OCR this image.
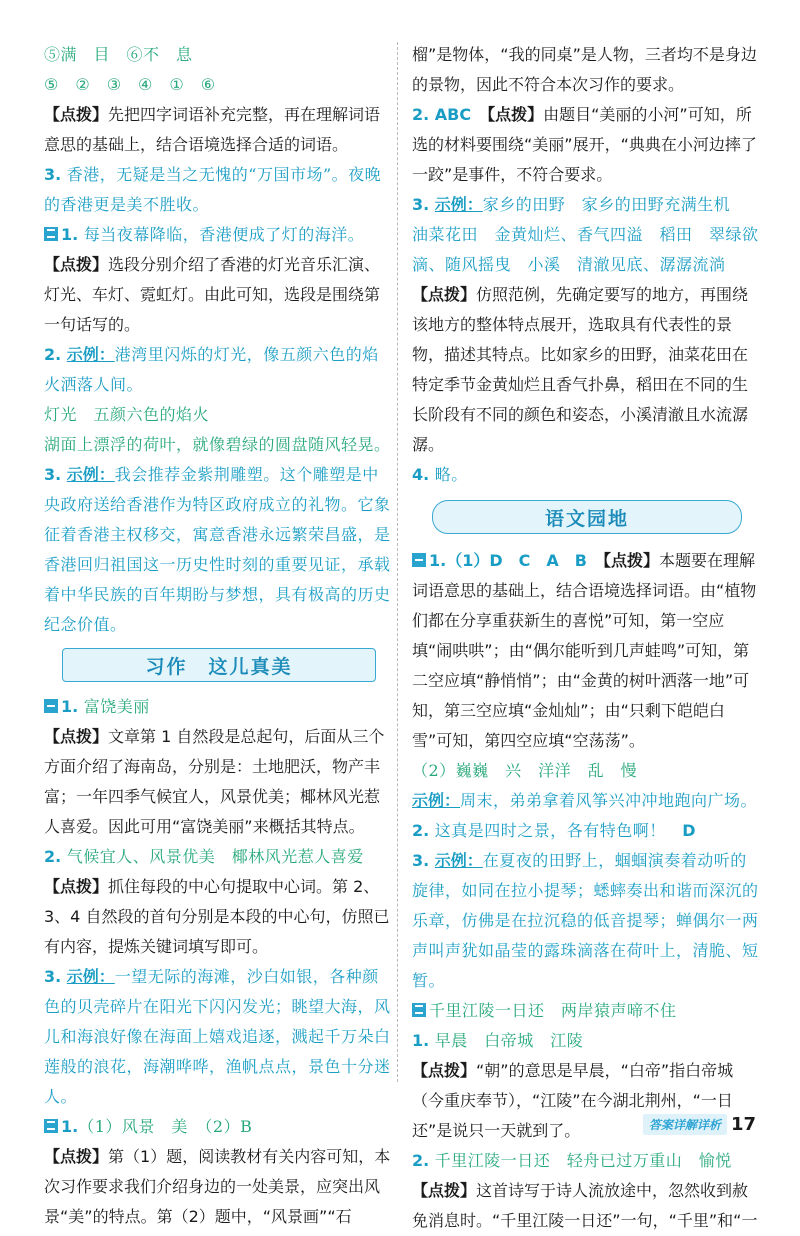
⑤满　目　⑥不　息

⑤　②　③　④　①　⑥

【点拨】先把四字词语补充完整，再在理解词语意思的基础上，结合语境选择合适的词语。

3. 香港，无疑是当之无愧的“万国市场”。夜晚的香港更是美不胜收。

1. 每当夜幕降临，香港便成了灯的海洋。

【点拨】选段分别介绍了香港的灯光音乐汇演、灯光、车灯、霓虹灯。由此可知，选段是围绕第一句话写的。

2. 示例：港湾里闪烁的灯光，像五颜六色的焰火洒落人间。

灯光　五颜六色的焰火

湖面上漂浮的荷叶，就像碧绿的圆盘随风轻晃。

3. 示例：我会推荐金紫荆雕塑。这个雕塑是中央政府送给香港作为特区政府成立的礼物。它象征着香港主权移交，寓意香港永远繁荣昌盛，是香港回归祖国这一历史性时刻的重要见证，承载着中华民族的百年期盼与梦想，具有极高的历史纪念价值。

习作　这儿真美

1. 富饶美丽

【点拨】文章第 1 自然段是总起句，后面从三个方面介绍了海南岛，分别是：土地肥沃，物产丰富；一年四季气候宜人，风景优美；椰林风光惹人喜爱。因此可用“富饶美丽”来概括其特点。

2. 气候宜人、风景优美　椰林风光惹人喜爱

【点拨】抓住每段的中心句提取中心词。第 2、3、4 自然段的首句分别是本段的中心句，仿照已有内容，提炼关键词填写即可。

3. 示例：一望无际的海滩，沙白如银，各种颜色的贝壳碎片在阳光下闪闪发光；眺望大海，风儿和海浪好像在海面上嬉戏追逐，溅起千万朵白莲般的浪花，海潮哗哗，渔帆点点，景色十分迷人。

1.（1）风景　美　（2）B

【点拨】第（1）题，阅读教材有关内容可知，本次习作要求我们介绍身边的一处美景，应突出风景“美”的特点。第（2）题中，“风景画”“石

榴”是物体，“我的同桌”是人物，三者均不是身边的景物，因此不符合本次习作的要求。

2. ABC　【点拨】由题目“美丽的小河”可知，所选的材料要围绕“美丽”展开，“典典在小河边摔了一跤”是事件，不符合要求。

3. 示例：家乡的田野　家乡的田野充满生机　油菜花田　金黄灿烂、香气四溢　稻田　翠绿欲滴、随风摇曳　小溪　清澈见底、潺潺流淌

【点拨】仿照范例，先确定要写的地方，再围绕该地方的整体特点展开，选取具有代表性的景物，描述其特点。比如家乡的田野，油菜花田在特定季节金黄灿烂且香气扑鼻，稻田在不同的生长阶段有不同的颜色和姿态，小溪清澈且水流潺潺。

4. 略。

语文园地

1.（1）D　C　A　B　【点拨】本题要在理解词语意思的基础上，结合语境选择词语。由“植物们都在分享重获新生的喜悦”可知，第一空应填“闹哄哄”；由“偶尔能听到几声蛙鸣”可知，第二空应填“静悄悄”；由“金黄的树叶洒落一地”可知，第三空应填“金灿灿”；由“只剩下皑皑白雪”可知，第四空应填“空荡荡”。

（2）巍巍　兴　洋洋　乱　慢

示例：周末，弟弟拿着风筝兴冲冲地跑向广场。

2. 这真是四时之景，各有特色啊！　D

3. 示例：在夏夜的田野上，蝈蝈演奏着动听的旋律，如同在拉小提琴；蟋蟀奏出和谐而深沉的乐章，仿佛是在拉沉稳的低音提琴；蝉偶尔一两声叫声犹如晶莹的露珠滴落在荷叶上，清脆、短暂。

千里江陵一日还　两岸猿声啼不住

1. 早晨　白帝城　江陵

【点拨】“朝”的意思是早晨，“白帝”指白帝城（今重庆奉节），“江陵”在今湖北荆州，“一日还”是说只一天就到了。

2. 千里江陵一日还　轻舟已过万重山　愉悦

【点拨】这首诗写于诗人流放途中，忽然收到赦免消息时。“千里江陵一日还”一句，“千里”和“一

答案详解详析 17
